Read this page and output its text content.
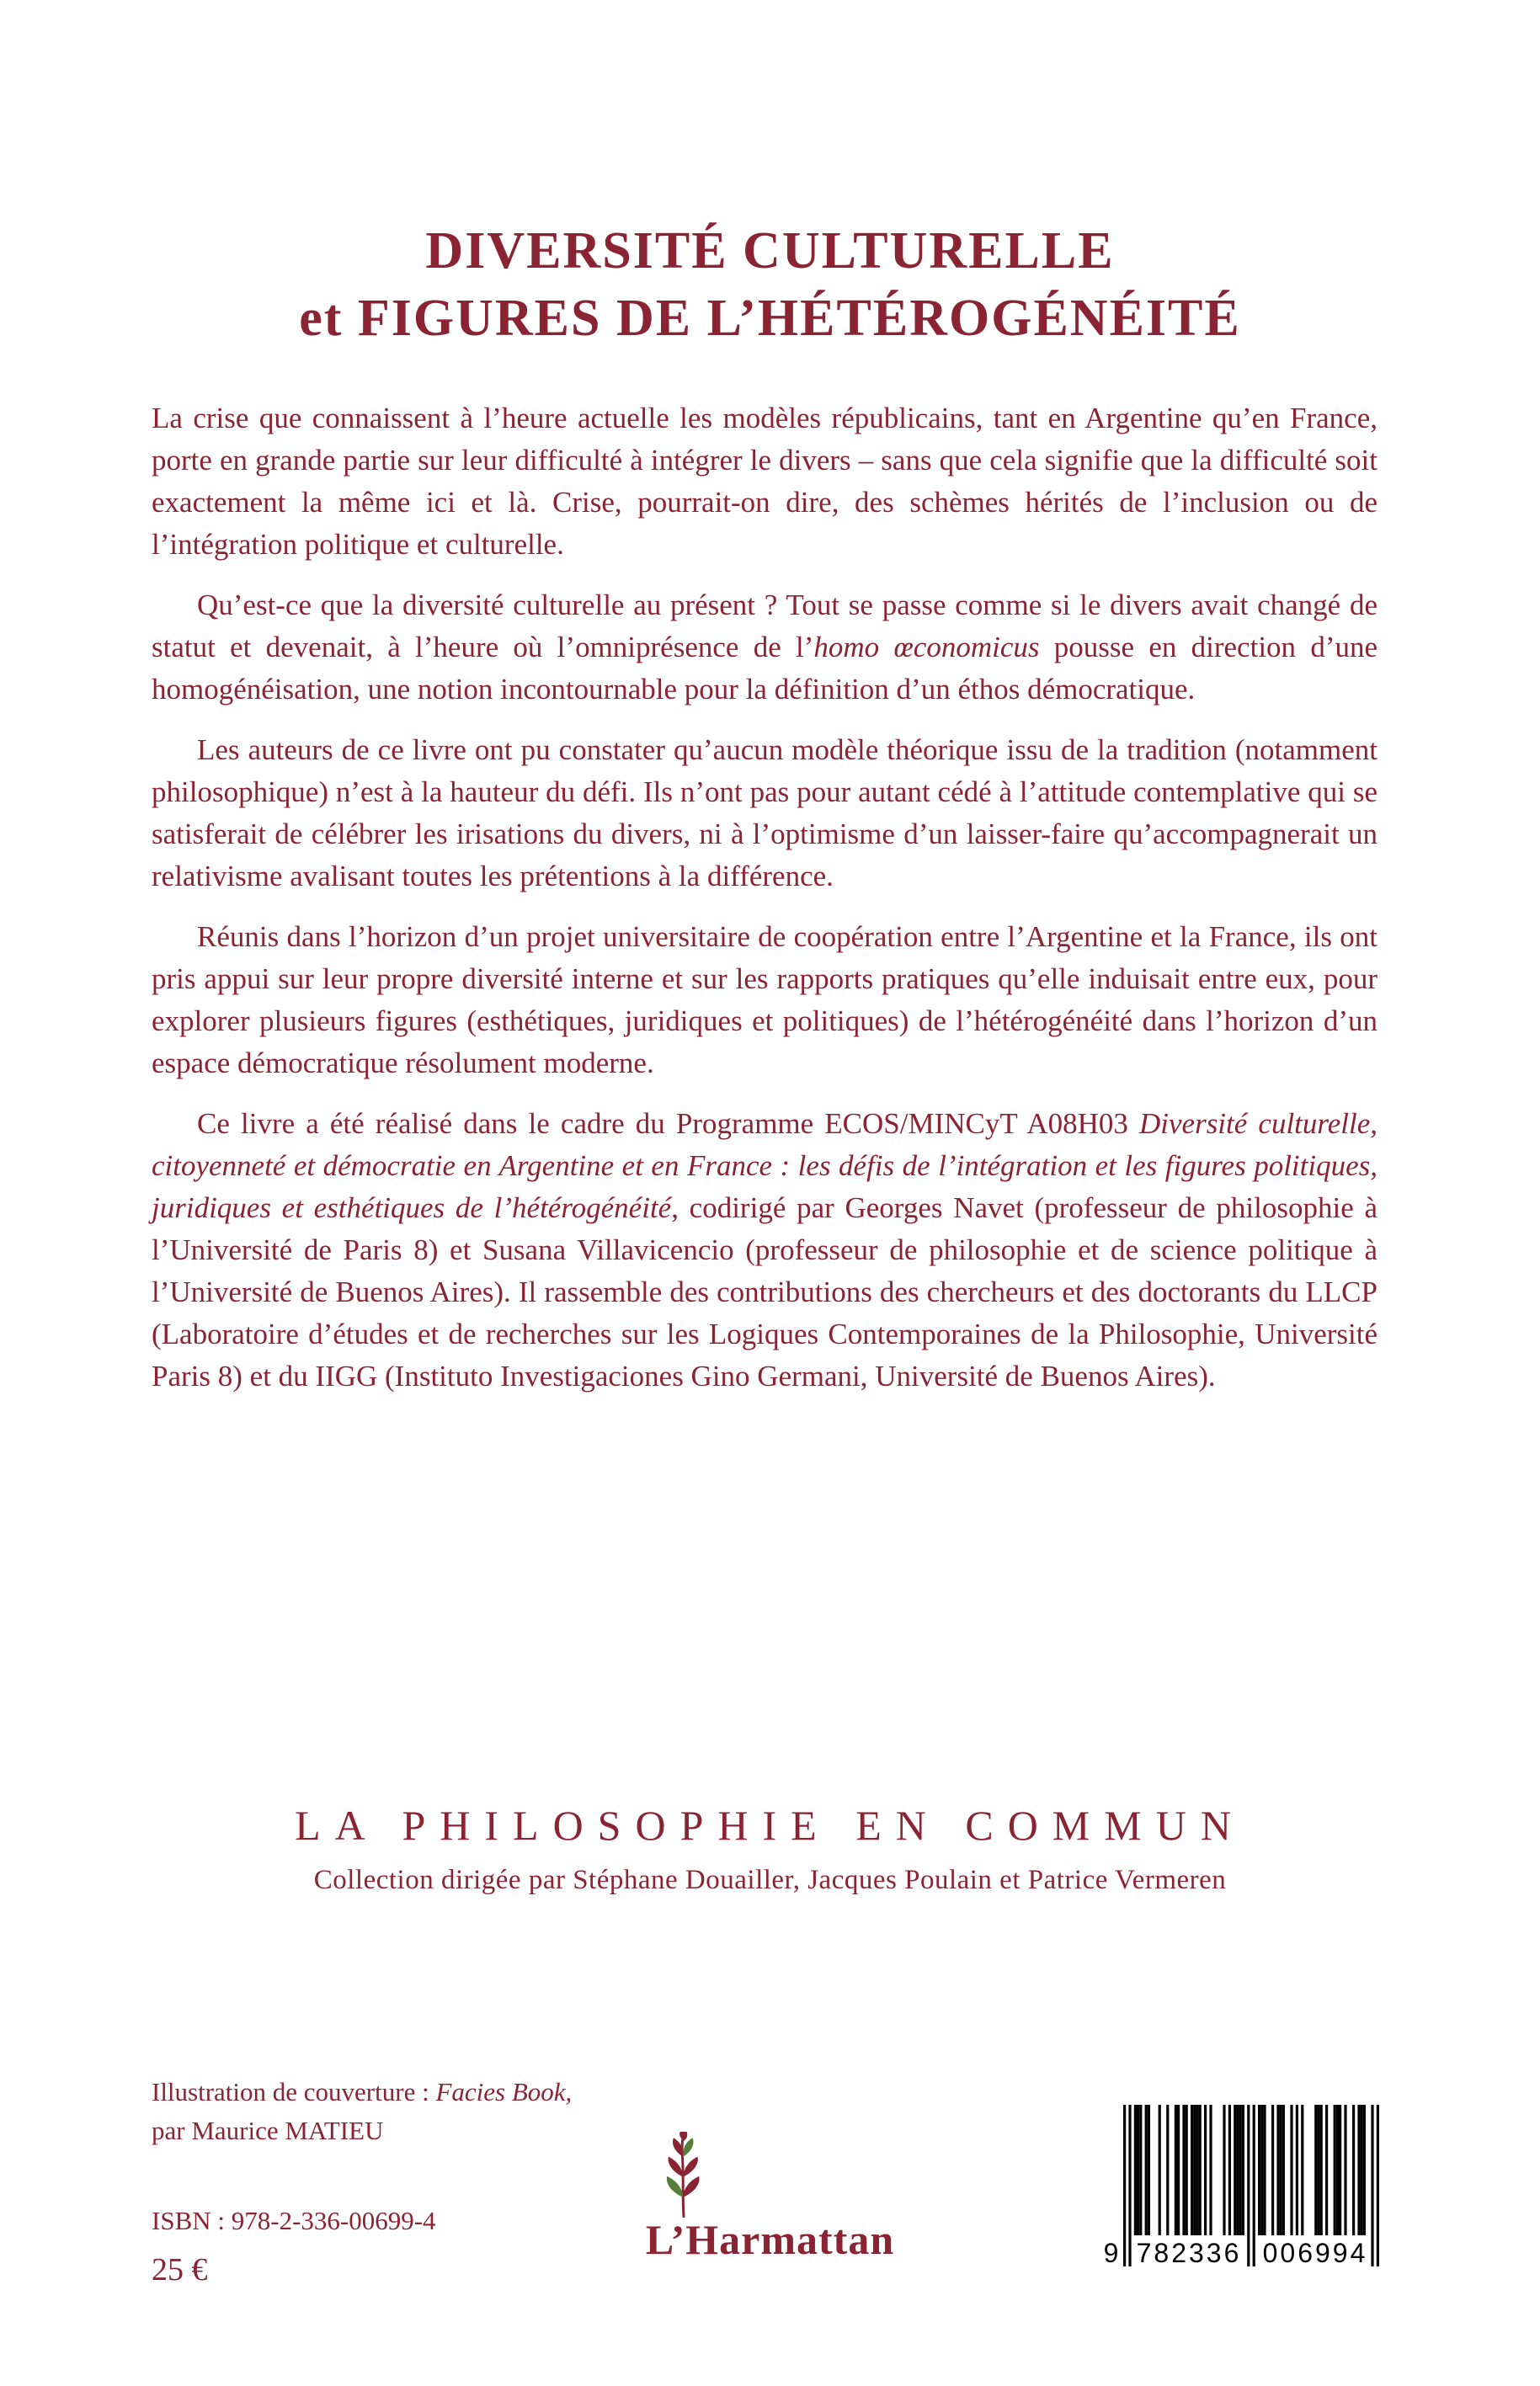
DIVERSITÉ CULTURELLE
et FIGURES DE L’HÉTÉROGÉNÉITÉ

La crise que connaissent à l’heure actuelle les modèles républicains, tant en Argentine qu’en France, porte en grande partie sur leur difficulté à intégrer le divers – sans que cela signifie que la difficulté soit exactement la même ici et là. Crise, pourrait-on dire, des schèmes hérités de l’inclusion ou de l’intégration politique et culturelle.

Qu’est-ce que la diversité culturelle au présent ? Tout se passe comme si le divers avait changé de statut et devenait, à l’heure où l’omniprésence de l’homo œconomicus pousse en direction d’une homogénéisation, une notion incontournable pour la définition d’un éthos démocratique.

Les auteurs de ce livre ont pu constater qu’aucun modèle théorique issu de la tradition (notamment philosophique) n’est à la hauteur du défi. Ils n’ont pas pour autant cédé à l’attitude contemplative qui se satisferait de célébrer les irisations du divers, ni à l’optimisme d’un laisser-faire qu’accompagnerait un relativisme avalisant toutes les prétentions à la différence.

Réunis dans l’horizon d’un projet universitaire de coopération entre l’Argentine et la France, ils ont pris appui sur leur propre diversité interne et sur les rapports pratiques qu’elle induisait entre eux, pour explorer plusieurs figures (esthétiques, juridiques et politiques) de l’hétérogénéité dans l’horizon d’un espace démocratique résolument moderne.

Ce livre a été réalisé dans le cadre du Programme ECOS/MINCyT A08H03 Diversité culturelle, citoyenneté et démocratie en Argentine et en France : les défis de l’intégration et les figures politiques, juridiques et esthétiques de l’hétérogénéité, codirigé par Georges Navet (professeur de philosophie à l’Université de Paris 8) et Susana Villavicencio (professeur de philosophie et de science politique à l’Université de Buenos Aires). Il rassemble des contributions des chercheurs et des doctorants du LLCP (Laboratoire d’études et de recherches sur les Logiques Contemporaines de la Philosophie, Université Paris 8) et du IIGG (Instituto Investigaciones Gino Germani, Université de Buenos Aires).

LA PHILOSOPHIE EN COMMUN
Collection dirigée par Stéphane Douailler, Jacques Poulain et Patrice Vermeren
Illustration de couverture : Facies Book,
par Maurice MATIEU
ISBN : 978-2-336-00699-4
25 €
L’Harmattan	9 782336 006994
